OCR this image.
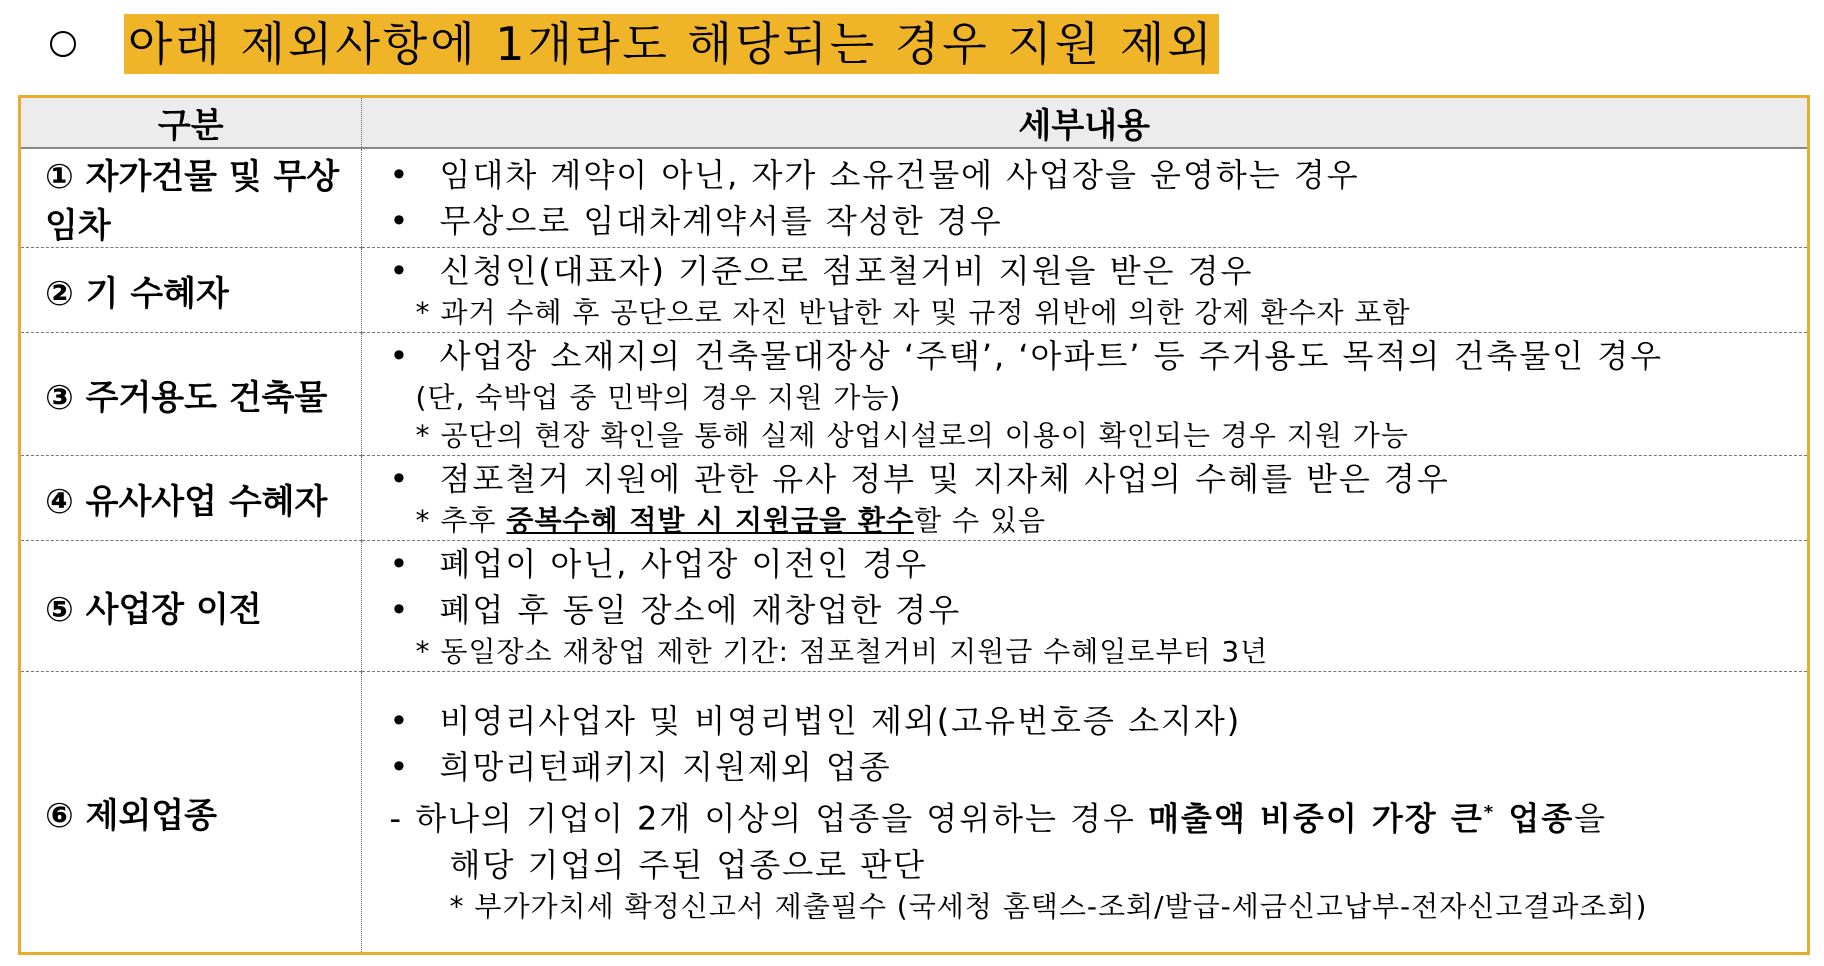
아래 제외사항에 1개라도 해당되는 경우 지원 제외
구분	세부내용
① 자가건물 및 무상임차	• 임대차 계약이 아닌, 자가 소유건물에 사업장을 운영하는 경우
• 무상으로 임대차계약서를 작성한 경우

② 기 수혜자	• 신청인(대표자) 기준으로 점포철거비 지원을 받은 경우
* 과거 수혜 후 공단으로 자진 반납한 자 및 규정 위반에 의한 강제 환수자 포함

③ 주거용도 건축물	• 사업장 소재지의 건축물대장상 ‘주택’, ‘아파트’ 등 주거용도 목적의 건축물인 경우
(단, 숙박업 중 민박의 경우 지원 가능)
* 공단의 현장 확인을 통해 실제 상업시설로의 이용이 확인되는 경우 지원 가능

④ 유사사업 수혜자	• 점포철거 지원에 관한 유사 정부 및 지자체 사업의 수혜를 받은 경우
* 추후 중복수혜 적발 시 지원금을 환수할 수 있음

⑤ 사업장 이전	• 폐업이 아닌, 사업장 이전인 경우
• 폐업 후 동일 장소에 재창업한 경우
* 동일장소 재창업 제한 기간: 점포철거비 지원금 수혜일로부터 3년

⑥ 제외업종	• 비영리사업자 및 비영리법인 제외(고유번호증 소지자)
• 희망리턴패키지 지원제외 업종
- 하나의 기업이 2개 이상의 업종을 영위하는 경우 매출액 비중이 가장 큰* 업종을
해당 기업의 주된 업종으로 판단
* 부가가치세 확정신고서 제출필수 (국세청 홈택스-조회/발급-세금신고납부-전자신고결과조회)
